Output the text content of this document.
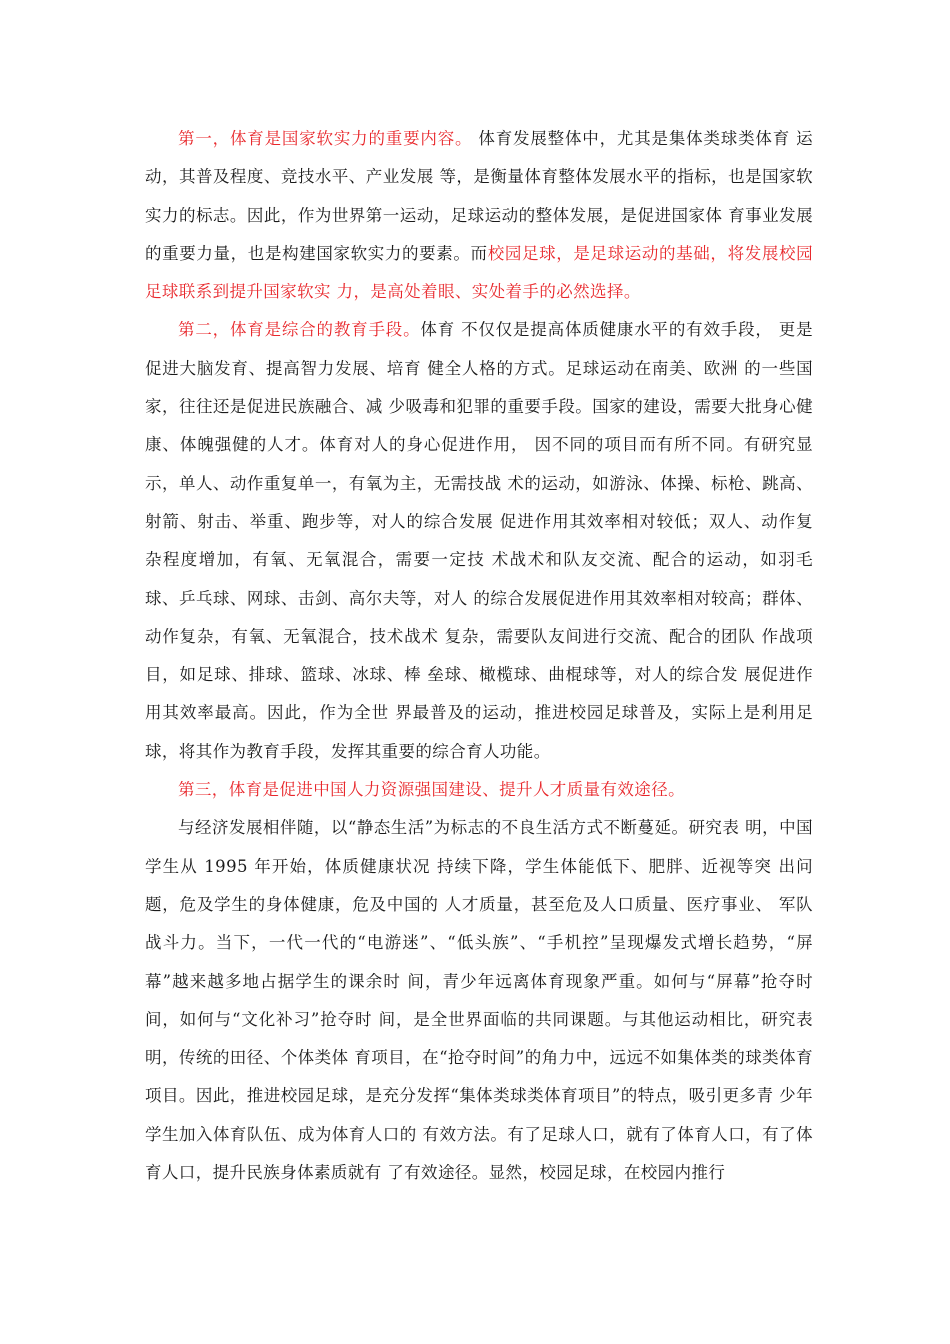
第一，体育是国家软实力的重要内容。 体育发展整体中，尤其是集体类球类体育 运动，其普及程度、竞技水平、产业发展 等，是衡量体育整体发展水平的指标，也是国家软实力的标志。因此，作为世界第一运动，足球运动的整体发展，是促进国家体 育事业发展的重要力量，也是构建国家软实力的要素。而校园足球，是足球运动的基础，将发展校园足球联系到提升国家软实 力，是高处着眼、实处着手的必然选择。

第二，体育是综合的教育手段。体育 不仅仅是提高体质健康水平的有效手段， 更是促进大脑发育、提高智力发展、培育 健全人格的方式。足球运动在南美、欧洲 的一些国家，往往还是促进民族融合、减 少吸毒和犯罪的重要手段。国家的建设，需要大批身心健康、体魄强健的人才。体育对人的身心促进作用， 因不同的项目而有所不同。有研究显示，单人、动作重复单一，有氧为主，无需技战 术的运动，如游泳、体操、标枪、跳高、射箭、射击、举重、跑步等，对人的综合发展 促进作用其效率相对较低；双人、动作复 杂程度增加，有氧、无氧混合，需要一定技 术战术和队友交流、配合的运动，如羽毛 球、乒乓球、网球、击剑、高尔夫等，对人 的综合发展促进作用其效率相对较高；群体、动作复杂，有氧、无氧混合，技术战术 复杂，需要队友间进行交流、配合的团队 作战项目，如足球、排球、篮球、冰球、棒 垒球、橄榄球、曲棍球等，对人的综合发 展促进作用其效率最高。因此，作为全世 界最普及的运动，推进校园足球普及，实际上是利用足球，将其作为教育手段，发挥其重要的综合育人功能。

第三，体育是促进中国人力资源强国建设、提升人才质量有效途径。

与经济发展相伴随，以“静态生活”为标志的不良生活方式不断蔓延。研究表 明，中国学生从 1995 年开始，体质健康状况 持续下降，学生体能低下、肥胖、近视等突 出问题，危及学生的身体健康，危及中国的 人才质量，甚至危及人口质量、医疗事业、 军队战斗力。当下，一代一代的“电游迷”、“低头族”、“手机控”呈现爆发式增长趋势，“屏幕”越来越多地占据学生的课余时 间，青少年远离体育现象严重。如何与“屏幕”抢夺时间，如何与“文化补习”抢夺时 间，是全世界面临的共同课题。与其他运动相比，研究表明，传统的田径、个体类体 育项目，在“抢夺时间”的角力中，远远不如集体类的球类体育项目。因此，推进校园足球，是充分发挥“集体类球类体育项目”的特点，吸引更多青 少年学生加入体育队伍、成为体育人口的 有效方法。有了足球人口，就有了体育人口，有了体育人口，提升民族身体素质就有 了有效途径。显然，校园足球，在校园内推行
